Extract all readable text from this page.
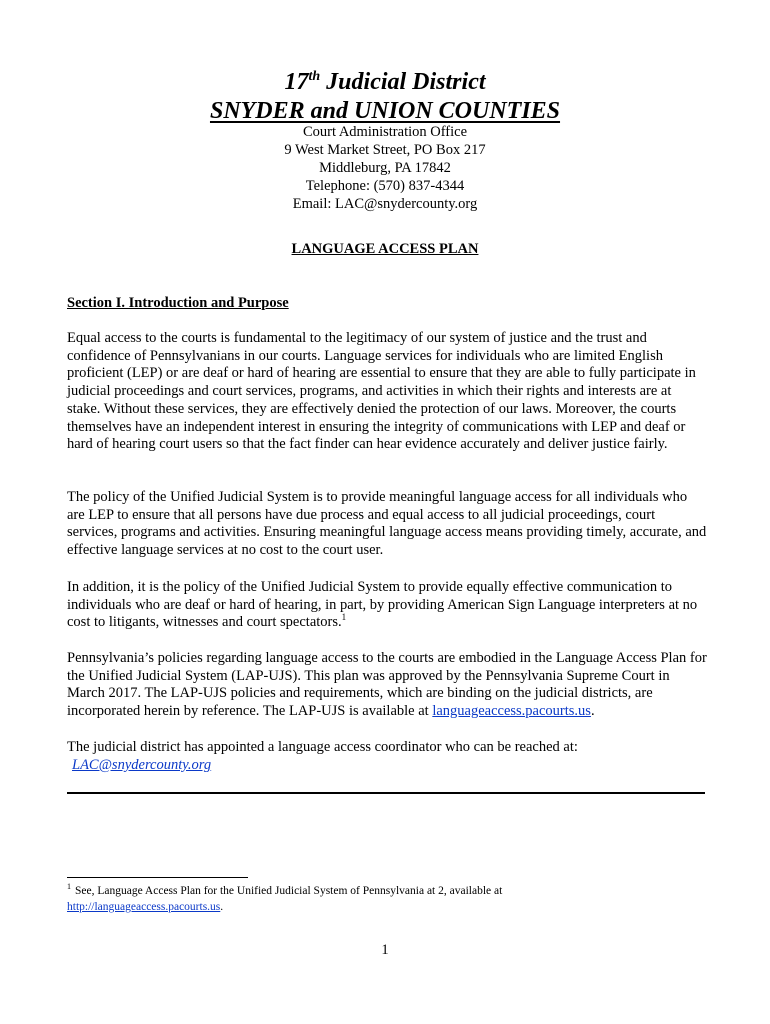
17th Judicial District
SNYDER and UNION COUNTIES
Court Administration Office
9 West Market Street, PO Box 217
Middleburg, PA 17842
Telephone: (570) 837-4344
Email: LAC@snydercounty.org
LANGUAGE ACCESS PLAN
Section I. Introduction and Purpose
Equal access to the courts is fundamental to the legitimacy of our system of justice and the trust and confidence of Pennsylvanians in our courts. Language services for individuals who are limited English proficient (LEP) or are deaf or hard of hearing are essential to ensure that they are able to fully participate in judicial proceedings and court services, programs, and activities in which their rights and interests are at stake. Without these services, they are effectively denied the protection of our laws. Moreover, the courts themselves have an independent interest in ensuring the integrity of communications with LEP and deaf or hard of hearing court users so that the fact finder can hear evidence accurately and deliver justice fairly.
The policy of the Unified Judicial System is to provide meaningful language access for all individuals who are LEP to ensure that all persons have due process and equal access to all judicial proceedings, court services, programs and activities. Ensuring meaningful language access means providing timely, accurate, and effective language services at no cost to the court user.
In addition, it is the policy of the Unified Judicial System to provide equally effective communication to individuals who are deaf or hard of hearing, in part, by providing American Sign Language interpreters at no cost to litigants, witnesses and court spectators.$^1$
Pennsylvania’s policies regarding language access to the courts are embodied in the Language Access Plan for the Unified Judicial System (LAP-UJS). This plan was approved by the Pennsylvania Supreme Court in March 2017. The LAP-UJS policies and requirements, which are binding on the judicial districts, are incorporated herein by reference. The LAP-UJS is available at languageaccess.pacourts.us.
The judicial district has appointed a language access coordinator who can be reached at:
LAC@snydercounty.org
$^1$ See, Language Access Plan for the Unified Judicial System of Pennsylvania at 2, available at
http://languageaccess.pacourts.us.
1
